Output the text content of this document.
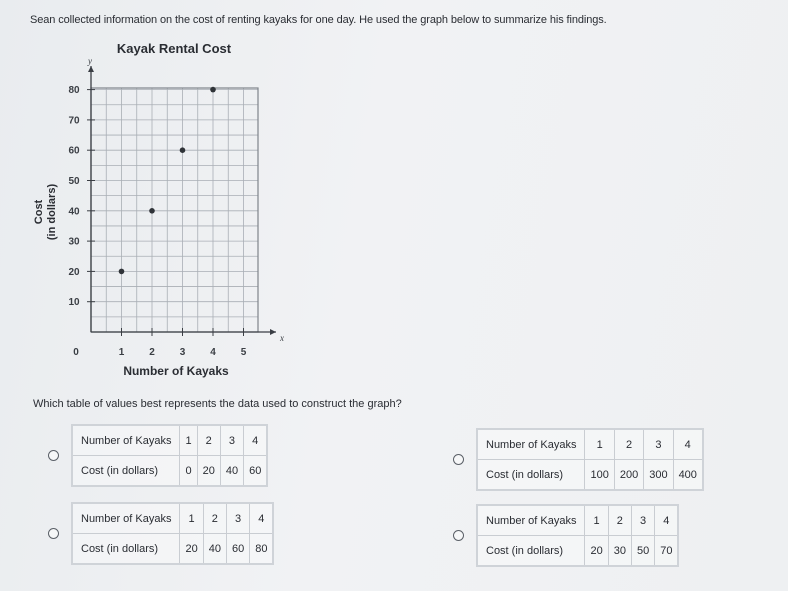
Sean collected information on the cost of renting kayaks for one day. He used the graph below to summarize his findings.
Kayak Rental Cost
x
y
10
20
30
40
50
60
70
80
1 2 3 4 5
0
Number of Kayaks
Cost (in dollars)
Which table of values best represents the data used to construct the graph?
Number of Kayaks	1	2	3	4
Cost (in dollars)	0	20	40	60
Number of Kayaks	1	2	3	4
Cost (in dollars)	100	200	300	400
Number of Kayaks	1	2	3	4
Cost (in dollars)	20	40	60	80
Number of Kayaks	1	2	3	4
Cost (in dollars)	20	30	50	70
